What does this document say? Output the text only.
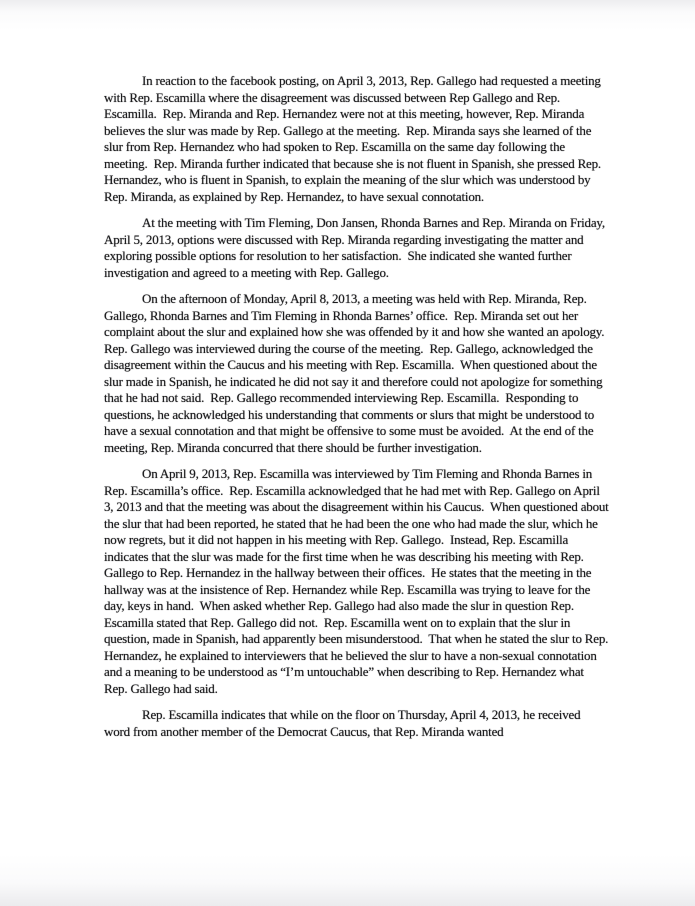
In reaction to the facebook posting, on April 3, 2013, Rep. Gallego had requested a meeting with Rep. Escamilla where the disagreement was discussed between Rep Gallego and Rep. Escamilla.  Rep. Miranda and Rep. Hernandez were not at this meeting, however, Rep. Miranda believes the slur was made by Rep. Gallego at the meeting.  Rep. Miranda says she learned of the slur from Rep. Hernandez who had spoken to Rep. Escamilla on the same day following the meeting.  Rep. Miranda further indicated that because she is not fluent in Spanish, she pressed Rep. Hernandez, who is fluent in Spanish, to explain the meaning of the slur which was understood by Rep. Miranda, as explained by Rep. Hernandez, to have sexual connotation.

At the meeting with Tim Fleming, Don Jansen, Rhonda Barnes and Rep. Miranda on Friday, April 5, 2013, options were discussed with Rep. Miranda regarding investigating the matter and exploring possible options for resolution to her satisfaction.  She indicated she wanted further investigation and agreed to a meeting with Rep. Gallego.

On the afternoon of Monday, April 8, 2013, a meeting was held with Rep. Miranda, Rep. Gallego, Rhonda Barnes and Tim Fleming in Rhonda Barnes’ office.  Rep. Miranda set out her complaint about the slur and explained how she was offended by it and how she wanted an apology.  Rep. Gallego was interviewed during the course of the meeting.  Rep. Gallego, acknowledged the disagreement within the Caucus and his meeting with Rep. Escamilla.  When questioned about the slur made in Spanish, he indicated he did not say it and therefore could not apologize for something that he had not said.  Rep. Gallego recommended interviewing Rep. Escamilla.  Responding to questions, he acknowledged his understanding that comments or slurs that might be understood to have a sexual connotation and that might be offensive to some must be avoided.  At the end of the meeting, Rep. Miranda concurred that there should be further investigation.

On April 9, 2013, Rep. Escamilla was interviewed by Tim Fleming and Rhonda Barnes in Rep. Escamilla’s office.  Rep. Escamilla acknowledged that he had met with Rep. Gallego on April 3, 2013 and that the meeting was about the disagreement within his Caucus.  When questioned about the slur that had been reported, he stated that he had been the one who had made the slur, which he now regrets, but it did not happen in his meeting with Rep. Gallego.  Instead, Rep. Escamilla indicates that the slur was made for the first time when he was describing his meeting with Rep. Gallego to Rep. Hernandez in the hallway between their offices.  He states that the meeting in the hallway was at the insistence of Rep. Hernandez while Rep. Escamilla was trying to leave for the day, keys in hand.  When asked whether Rep. Gallego had also made the slur in question Rep. Escamilla stated that Rep. Gallego did not.  Rep. Escamilla went on to explain that the slur in question, made in Spanish, had apparently been misunderstood.  That when he stated the slur to Rep. Hernandez, he explained to interviewers that he believed the slur to have a non-sexual connotation and a meaning to be understood as “I’m untouchable” when describing to Rep. Hernandez what Rep. Gallego had said.

Rep. Escamilla indicates that while on the floor on Thursday, April 4, 2013, he received word from another member of the Democrat Caucus, that Rep. Miranda wanted
